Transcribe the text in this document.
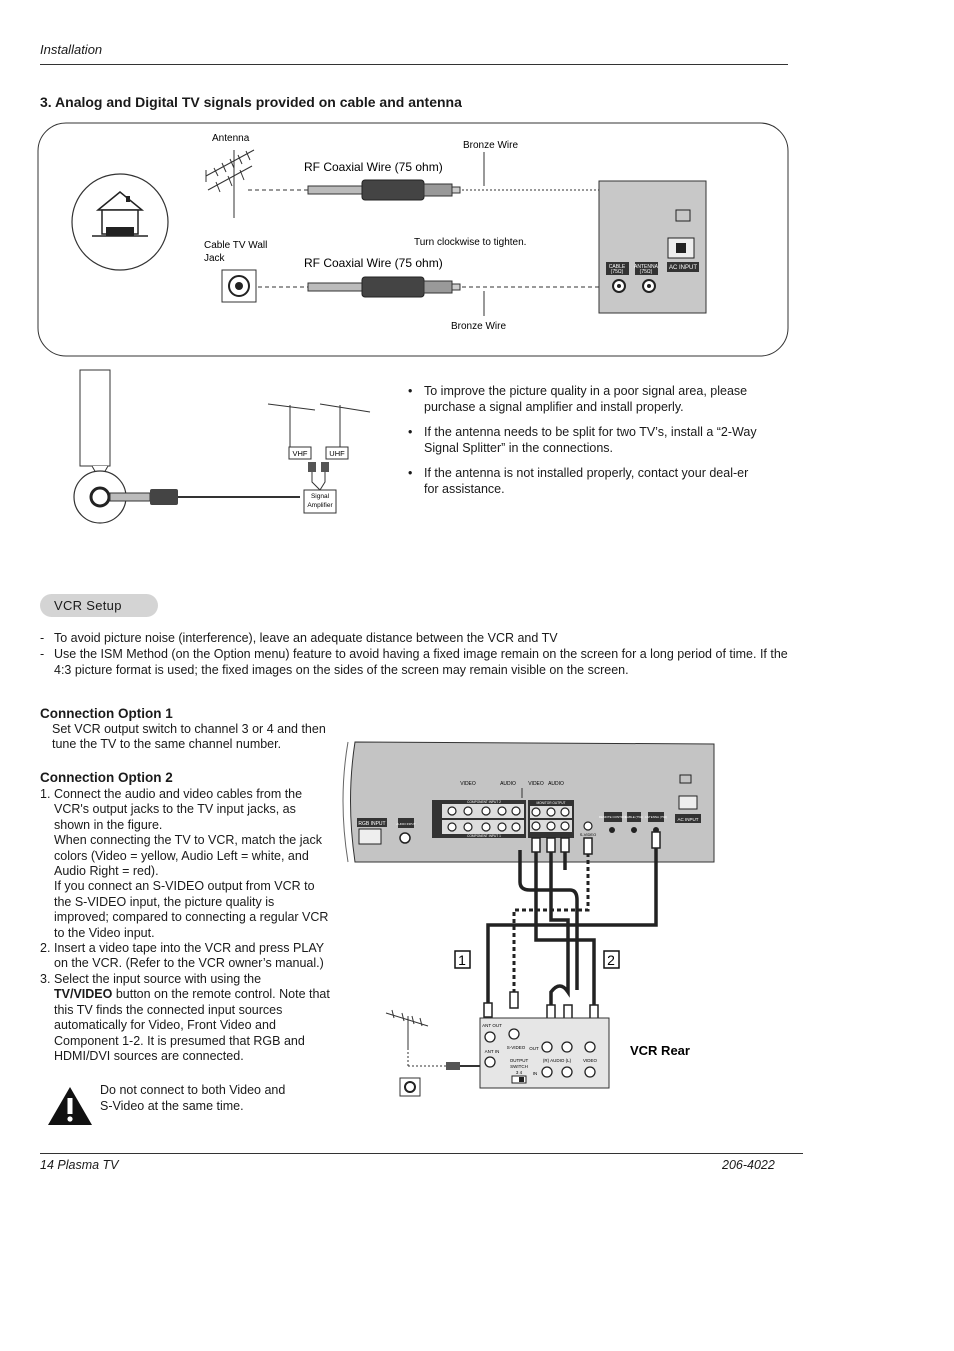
Installation
3. Analog and Digital TV signals provided on cable and antenna
Antenna
Cable TV Wall
Jack
Bronze Wire
RF Coaxial Wire (75 ohm)
Bronze Wire
RF Coaxial Wire (75 ohm)
Turn clockwise to tighten.
CABLE
(75Ω)
ANTENNA
(75Ω)
AC INPUT
Signal
Amplifier
VHF	UHF
• To improve the picture quality in a poor signal area, please purchase a signal amplifier and install properly.
• If the antenna needs to be split for two TV’s, install a “2-Way Signal Splitter” in the connections.
• If the antenna is not installed properly, contact your deal-er for assistance.
VCR Setup
- To avoid picture noise (interference), leave an adequate distance between the VCR and TV
- Use the ISM Method (on the Option menu) feature to avoid having a fixed image remain on the screen for a long period of time. If the 4:3 picture format is used; the fixed images on the sides of the screen may remain visible on the screen.
Connection Option 1
Set VCR output switch to channel 3 or 4 and then tune the TV to the same channel number.
Connection Option 2
1. Connect the audio and video cables from the VCR's output jacks to the TV input jacks, as shown in the figure.
When connecting the TV to VCR, match the jack colors (Video = yellow, Audio Left = white, and Audio Right = red).
If you connect an S-VIDEO output from VCR to the S-VIDEO input, the picture quality is improved; compared to connecting a regular VCR to the Video input.
2. Insert a video tape into the VCR and press PLAY on the VCR. (Refer to the VCR owner’s manual.)
3. Select the input source with using the
TV/VIDEO button on the remote control. Note that this TV finds the connected input sources automatically for Video, Front Video and Component 1-2. It is presumed that RGB and HDMI/DVI sources are connected.
Do not connect to both Video and
S-Video at the same time.
AC INPUT
REMOTE CONTROL
CABLE (75Ω) ANTENNA (75Ω)
RGB INPUT	AUDIO INPUT
COMPONENT INPUT 2
COMPONENT INPUT 1
VIDEO	AUDIO VIDEO AUDIO
MONITOR OUTPUT
S-VIDEO
1	2
ANT OUT
ANT IN
S-VIDEO OUT
IN
OUTPUT
SWITCH
3 4
(R) AUDIO (L)	VIDEO
VCR Rear
14 Plasma TV	206-4022
